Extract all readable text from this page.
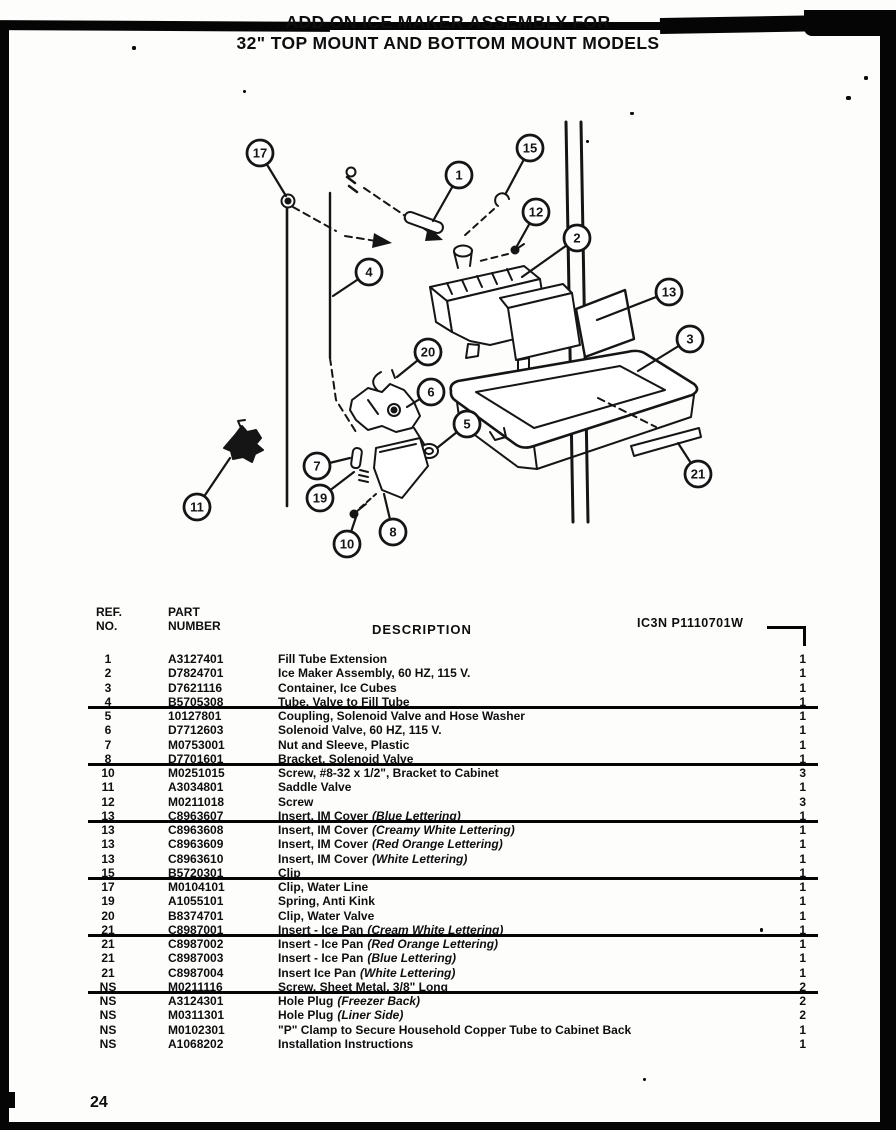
ADD ON ICE MAKER ASSEMBLY FOR
32" TOP MOUNT AND BOTTOM MOUNT MODELS
17
1
15
12
2
4
13
3
20
6
5
7
19
10
8
11
21
REF.
NO.
PART
NUMBER	DESCRIPTION	IC3N P1110701W
1	A3127401	Fill Tube Extension	1
2	D7824701	Ice Maker Assembly, 60 HZ, 115 V.	1
3	D7621116	Container, Ice Cubes	1
4	B5705308	Tube, Valve to Fill Tube	1
5	10127801	Coupling, Solenoid Valve and Hose Washer	1
6	D7712603	Solenoid Valve, 60 HZ, 115 V.	1
7	M0753001	Nut and Sleeve, Plastic	1
8	D7701601	Bracket, Solenoid Valve	1
10	M0251015	Screw, #8-32 x 1/2", Bracket to Cabinet	3
11	A3034801	Saddle Valve	1
12	M0211018	Screw	3
13	C8963607	Insert, IM Cover (Blue Lettering)	1
13	C8963608	Insert, IM Cover (Creamy White Lettering)	1
13	C8963609	Insert, IM Cover (Red Orange Lettering)	1
13	C8963610	Insert, IM Cover (White Lettering)	1
15	B5720301	Clip	1
17	M0104101	Clip, Water Line	1
19	A1055101	Spring, Anti Kink	1
20	B8374701	Clip, Water Valve	1
21	C8987001	Insert - Ice Pan (Cream White Lettering)	1
21	C8987002	Insert - Ice Pan (Red Orange Lettering)	1
21	C8987003	Insert - Ice Pan (Blue Lettering)	1
21	C8987004	Insert Ice Pan (White Lettering)	1
NS	M0211116	Screw, Sheet Metal, 3/8" Long	2
NS	A3124301	Hole Plug (Freezer Back)	2
NS	M0311301	Hole Plug (Liner Side)	2
NS	M0102301	"P" Clamp to Secure Household Copper Tube to Cabinet Back	1
NS	A1068202	Installation Instructions	1
24
